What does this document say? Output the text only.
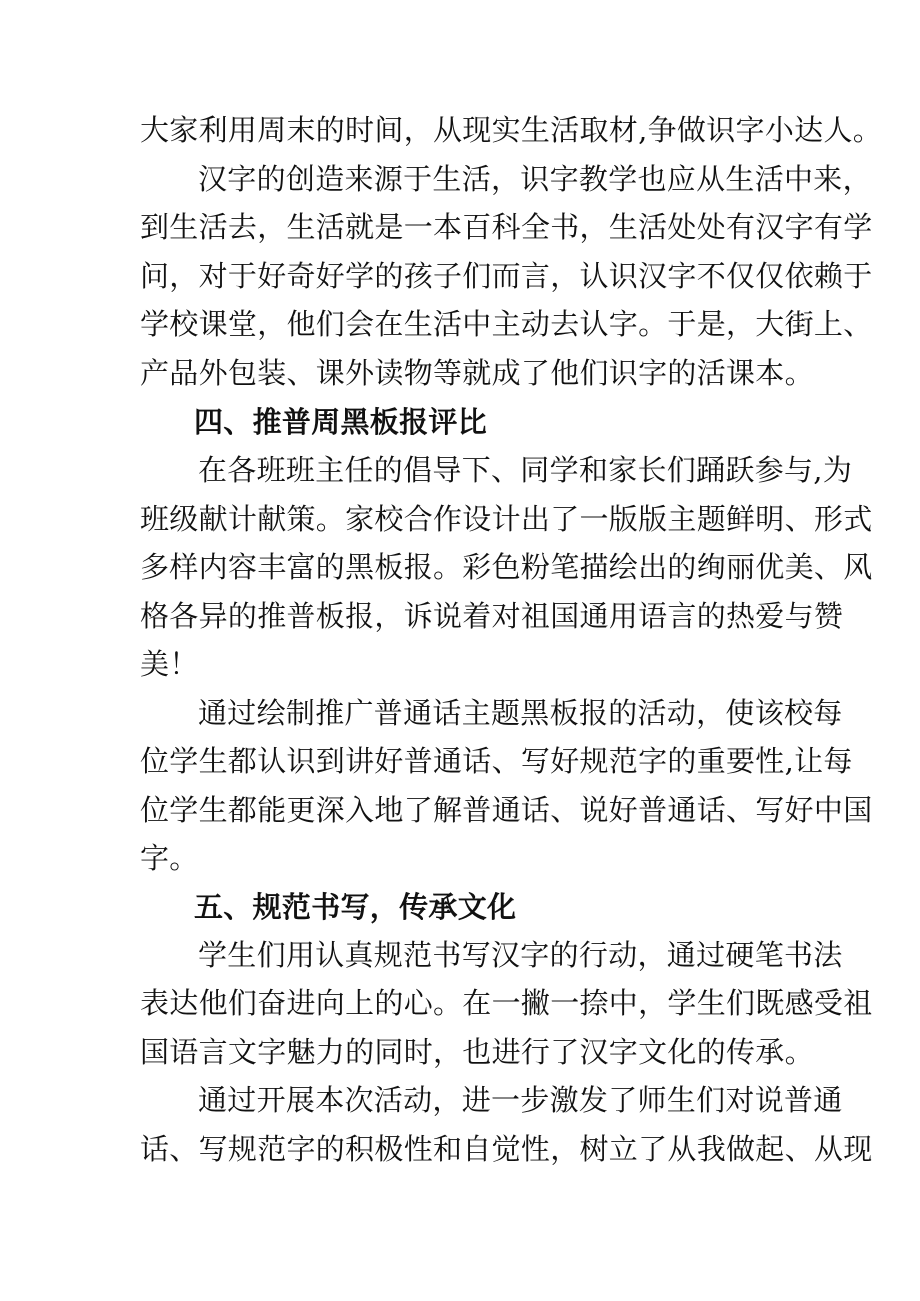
大家利用周末的时间，从现实生活取材,争做识字小达人。
汉字的创造来源于生活，识字教学也应从生活中来，
到生活去，生活就是一本百科全书，生活处处有汉字有学
问，对于好奇好学的孩子们而言，认识汉字不仅仅依赖于
学校课堂，他们会在生活中主动去认字。于是，大街上、
产品外包装、课外读物等就成了他们识字的活课本。
四、推普周黑板报评比
在各班班主任的倡导下、同学和家长们踊跃参与,为
班级献计献策。家校合作设计出了一版版主题鲜明、形式
多样内容丰富的黑板报。彩色粉笔描绘出的绚丽优美、风
格各异的推普板报，诉说着对祖国通用语言的热爱与赞
美！
通过绘制推广普通话主题黑板报的活动，使该校每
位学生都认识到讲好普通话、写好规范字的重要性,让每
位学生都能更深入地了解普通话、说好普通话、写好中国
字。
五、规范书写，传承文化
学生们用认真规范书写汉字的行动，通过硬笔书法
表达他们奋进向上的心。在一撇一捺中，学生们既感受祖
国语言文字魅力的同时，也进行了汉字文化的传承。
通过开展本次活动，进一步激发了师生们对说普通
话、写规范字的积极性和自觉性，树立了从我做起、从现
